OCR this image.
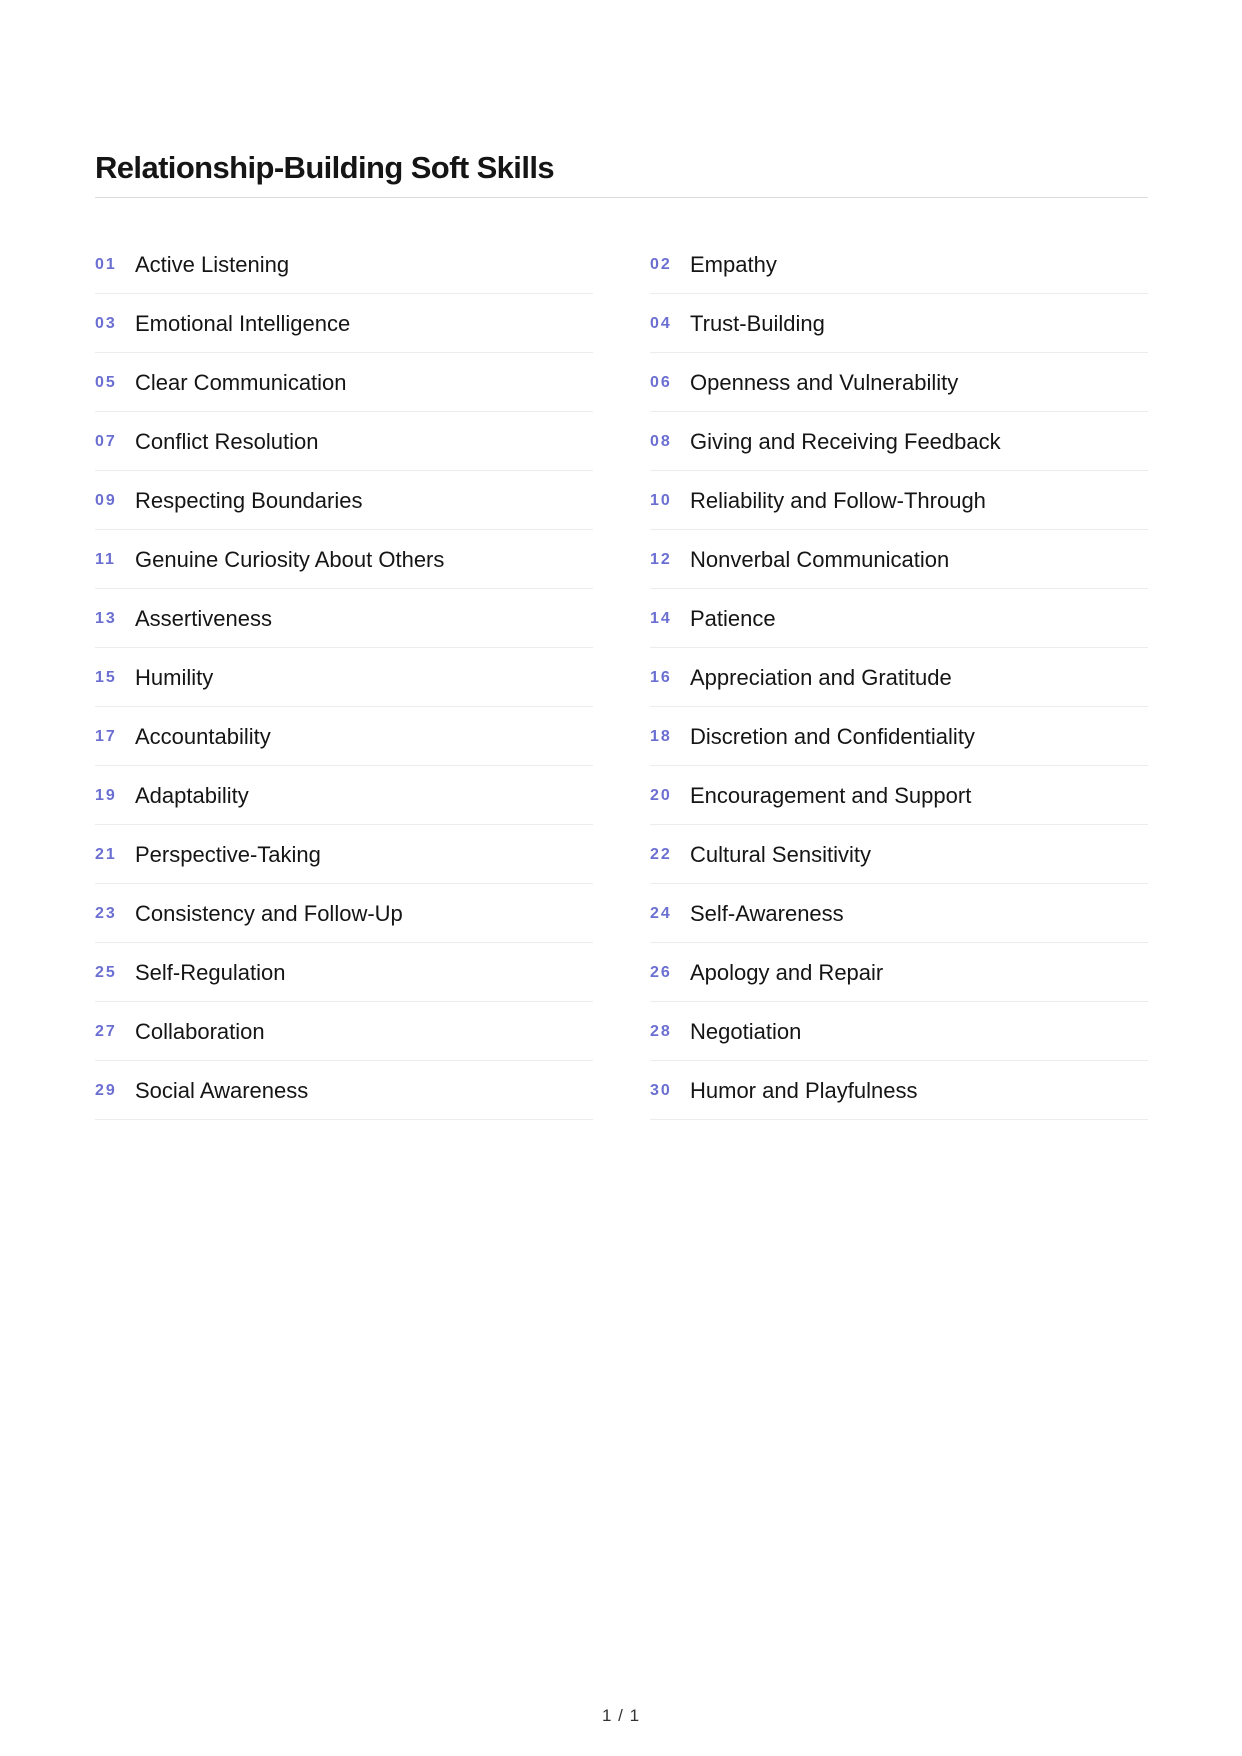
Relationship-Building Soft Skills
01 Active Listening	02 Empathy
03 Emotional Intelligence	04 Trust-Building
05 Clear Communication	06 Openness and Vulnerability
07 Conflict Resolution	08 Giving and Receiving Feedback
09 Respecting Boundaries	10 Reliability and Follow-Through
11 Genuine Curiosity About Others	12 Nonverbal Communication
13 Assertiveness	14 Patience
15 Humility	16 Appreciation and Gratitude
17 Accountability	18 Discretion and Confidentiality
19 Adaptability	20 Encouragement and Support
21 Perspective-Taking	22 Cultural Sensitivity
23 Consistency and Follow-Up	24 Self-Awareness
25 Self-Regulation	26 Apology and Repair
27 Collaboration	28 Negotiation
29 Social Awareness	30 Humor and Playfulness
1 / 1
